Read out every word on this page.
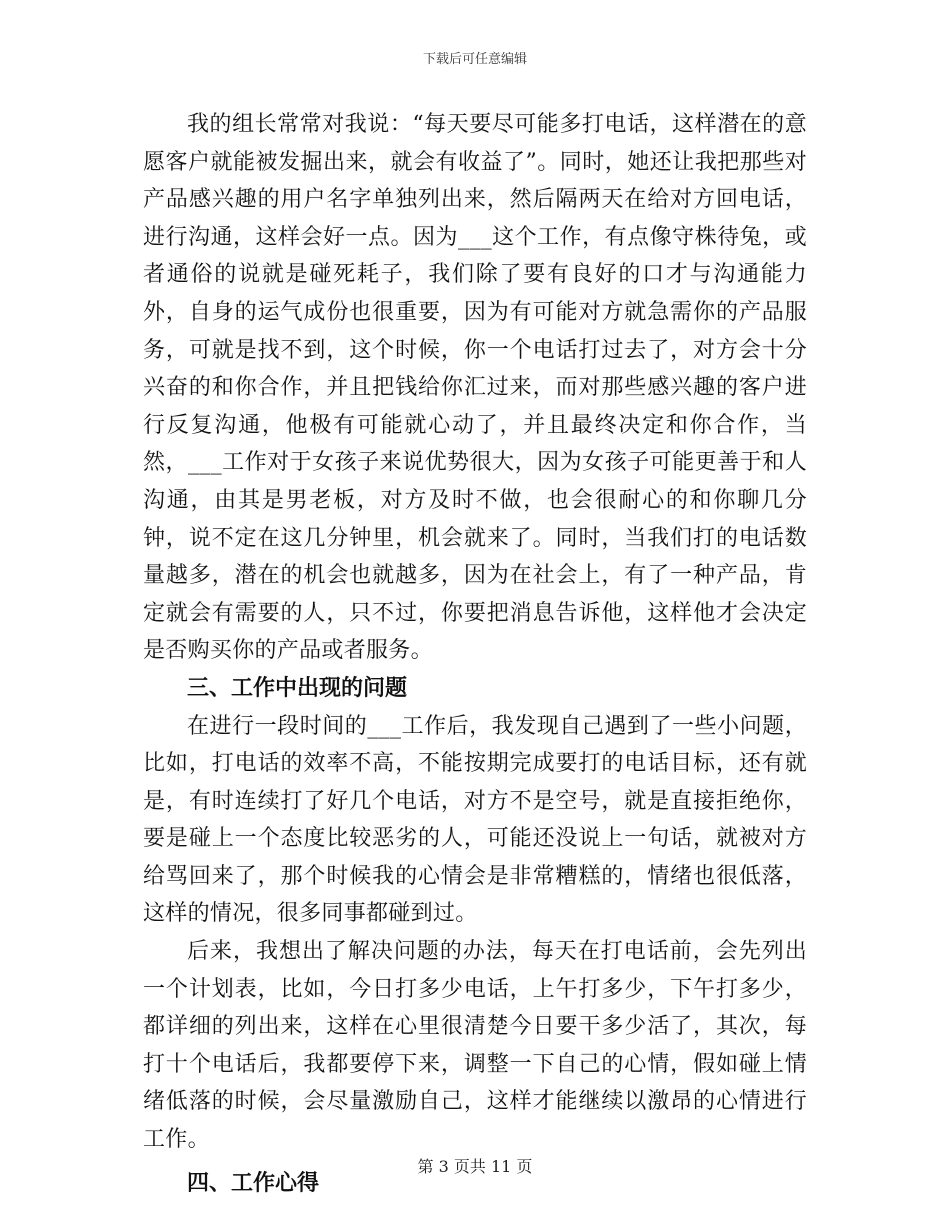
下载后可任意编辑

我的组长常常对我说：“每天要尽可能多打电话，这样潜在的意愿客户就能被发掘出来，就会有收益了”。同时，她还让我把那些对产品感兴趣的用户名字单独列出来，然后隔两天在给对方回电话，进行沟通，这样会好一点。因为___这个工作，有点像守株待兔，或者通俗的说就是碰死耗子，我们除了要有良好的口才与沟通能力外，自身的运气成份也很重要，因为有可能对方就急需你的产品服务，可就是找不到，这个时候，你一个电话打过去了，对方会十分兴奋的和你合作，并且把钱给你汇过来，而对那些感兴趣的客户进行反复沟通，他极有可能就心动了，并且最终决定和你合作，当然，___工作对于女孩子来说优势很大，因为女孩子可能更善于和人沟通，由其是男老板，对方及时不做，也会很耐心的和你聊几分钟，说不定在这几分钟里，机会就来了。同时，当我们打的电话数量越多，潜在的机会也就越多，因为在社会上，有了一种产品，肯定就会有需要的人，只不过，你要把消息告诉他，这样他才会决定是否购买你的产品或者服务。

三、工作中出现的问题

在进行一段时间的___工作后，我发现自己遇到了一些小问题，比如，打电话的效率不高，不能按期完成要打的电话目标，还有就是，有时连续打了好几个电话，对方不是空号，就是直接拒绝你，要是碰上一个态度比较恶劣的人，可能还没说上一句话，就被对方给骂回来了，那个时候我的心情会是非常糟糕的，情绪也很低落，这样的情况，很多同事都碰到过。

后来，我想出了解决问题的办法，每天在打电话前，会先列出一个计划表，比如，今日打多少电话，上午打多少，下午打多少，都详细的列出来，这样在心里很清楚今日要干多少活了，其次，每打十个电话后，我都要停下来，调整一下自己的心情，假如碰上情绪低落的时候，会尽量激励自己，这样才能继续以激昂的心情进行工作。

四、工作心得

第 3 页共 11 页
